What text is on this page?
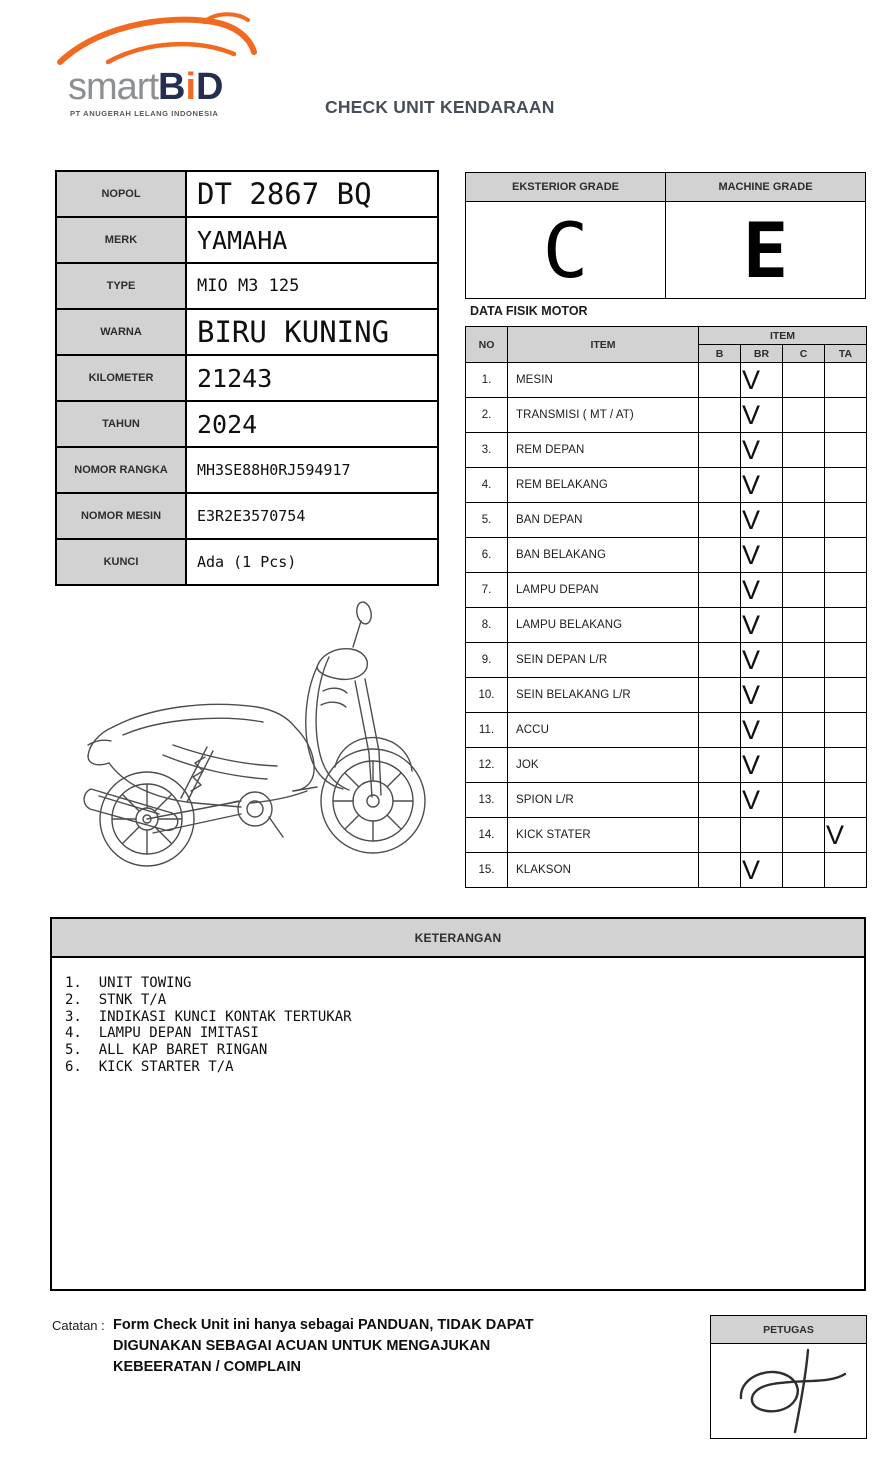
smartBiD
PT ANUGERAH LELANG INDONESIA	CHECK UNIT KENDARAAN
NOPOL	DT 2867 BQ
MERK	YAMAHA
TYPE	MIO M3 125
WARNA	BIRU KUNING
KILOMETER	21243
TAHUN	2024
NOMOR RANGKA	MH3SE88H0RJ594917
NOMOR MESIN	E3R2E3570754
KUNCI	Ada (1 Pcs)
EKSTERIOR GRADE	MACHINE GRADE
C	E
DATA FISIK MOTOR
NO	ITEM	ITEM			
		B	BR	C	TA
1.	MESIN		V		
2.	TRANSMISI ( MT / AT)		V		
3.	REM DEPAN		V		
4.	REM BELAKANG		V		
5.	BAN DEPAN		V		
6.	BAN BELAKANG		V		
7.	LAMPU DEPAN		V		
8.	LAMPU BELAKANG		V		
9.	SEIN DEPAN L/R		V		
10.	SEIN BELAKANG L/R		V		
11.	ACCU		V		
12.	JOK		V		
13.	SPION L/R		V		
14.	KICK STATER				V
15.	KLAKSON		V		
KETERANGAN
1.  UNIT TOWING
2.  STNK T/A
3.  INDIKASI KUNCI KONTAK TERTUKAR
4.  LAMPU DEPAN IMITASI
5.  ALL KAP BARET RINGAN
6.  KICK STARTER T/A
Catatan : Form Check Unit ini hanya sebagai PANDUAN, TIDAK DAPAT
DIGUNAKAN SEBAGAI ACUAN UNTUK MENGAJUKAN
KEBEERATAN / COMPLAIN
PETUGAS
